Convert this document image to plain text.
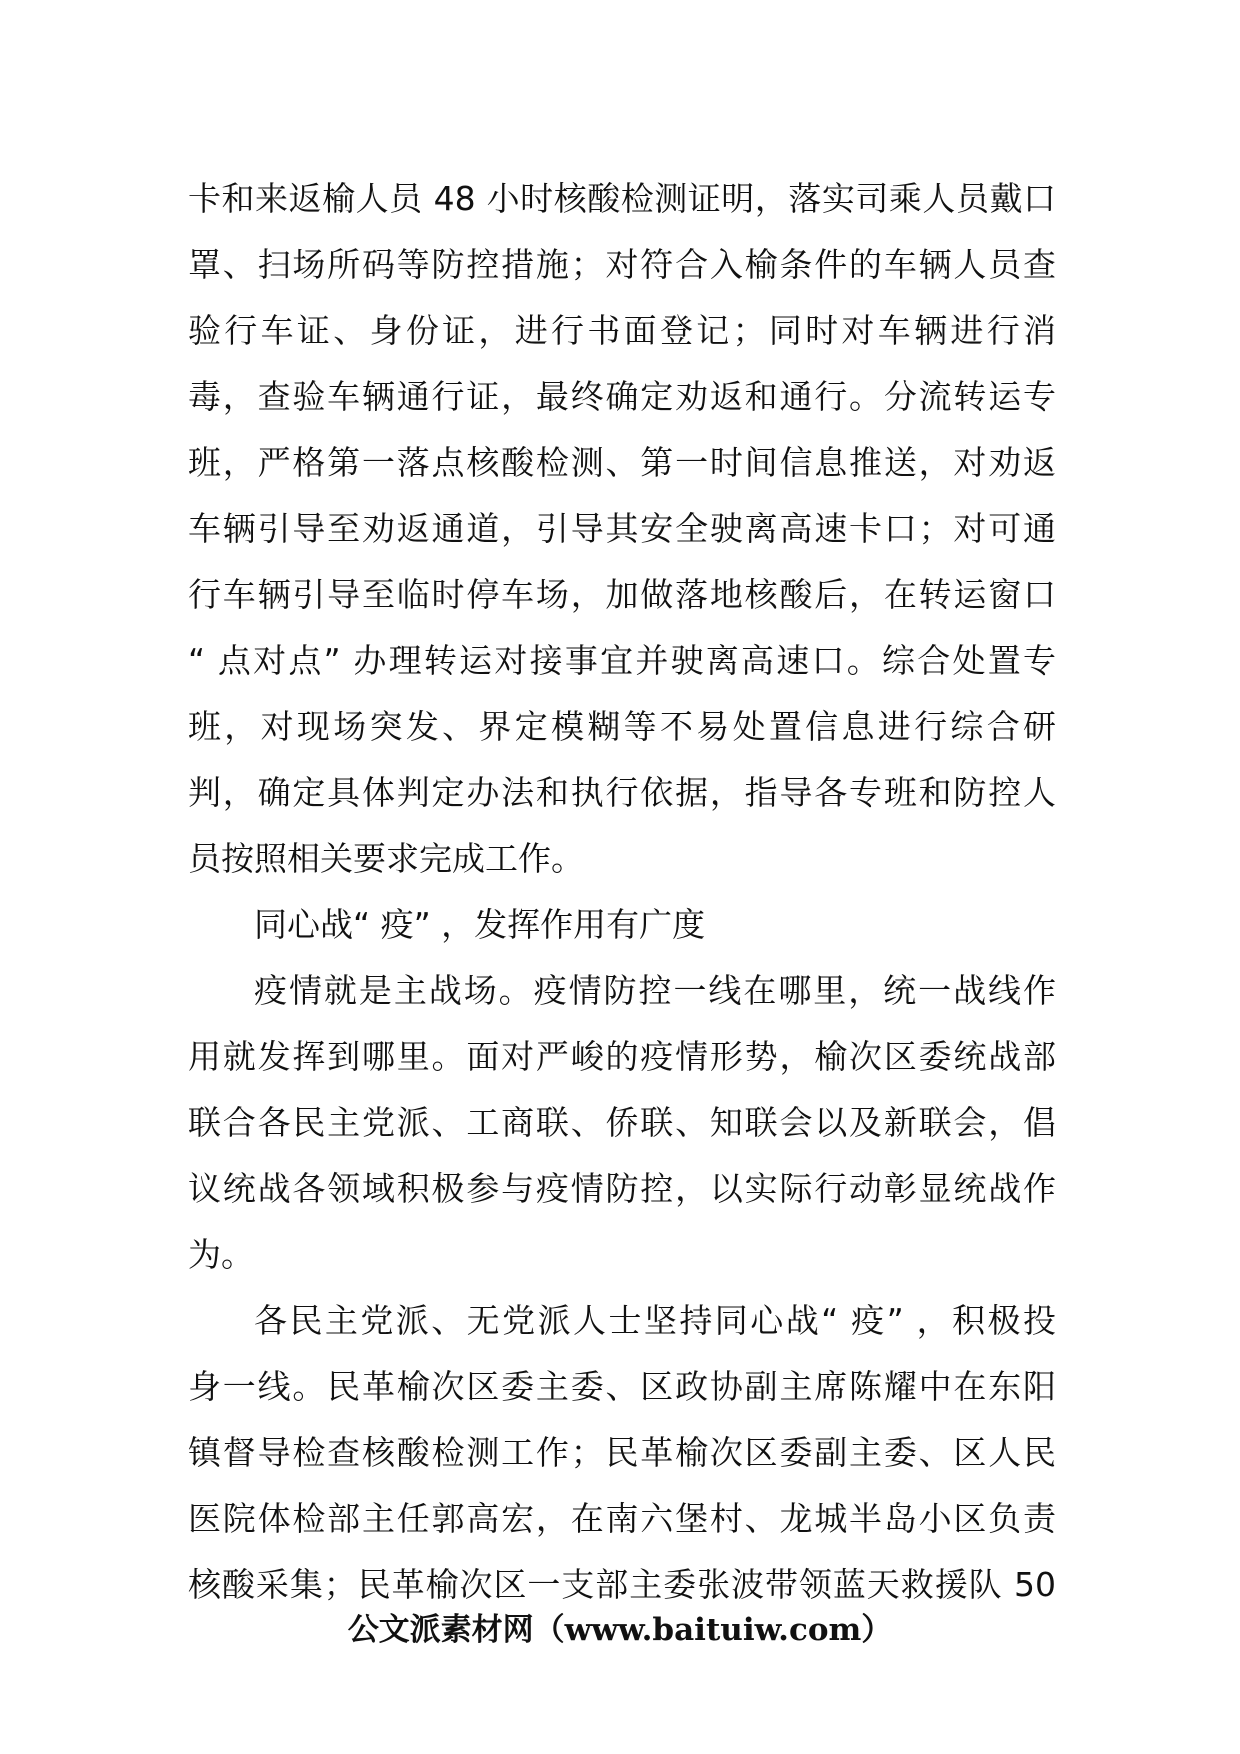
卡和来返榆人员 48 小时核酸检测证明，落实司乘人员戴口
罩、扫场所码等防控措施；对符合入榆条件的车辆人员查
验行车证、身份证，进行书面登记；同时对车辆进行消
毒，查验车辆通行证，最终确定劝返和通行。分流转运专
班，严格第一落点核酸检测、第一时间信息推送，对劝返
车辆引导至劝返通道，引导其安全驶离高速卡口；对可通
行车辆引导至临时停车场，加做落地核酸后，在转运窗口
“ 点对点” 办理转运对接事宜并驶离高速口。综合处置专
班，对现场突发、界定模糊等不易处置信息进行综合研
判，确定具体判定办法和执行依据，指导各专班和防控人
员按照相关要求完成工作。
同心战“ 疫” ，发挥作用有广度
疫情就是主战场。疫情防控一线在哪里，统一战线作
用就发挥到哪里。面对严峻的疫情形势，榆次区委统战部
联合各民主党派、工商联、侨联、知联会以及新联会，倡
议统战各领域积极参与疫情防控，以实际行动彰显统战作
为。
各民主党派、无党派人士坚持同心战“ 疫” ，积极投
身一线。民革榆次区委主委、区政协副主席陈耀中在东阳
镇督导检查核酸检测工作；民革榆次区委副主委、区人民
医院体检部主任郭高宏，在南六堡村、龙城半岛小区负责
核酸采集；民革榆次区一支部主委张波带领蓝天救援队 50
公文派素材网（www.baituiw.com）
